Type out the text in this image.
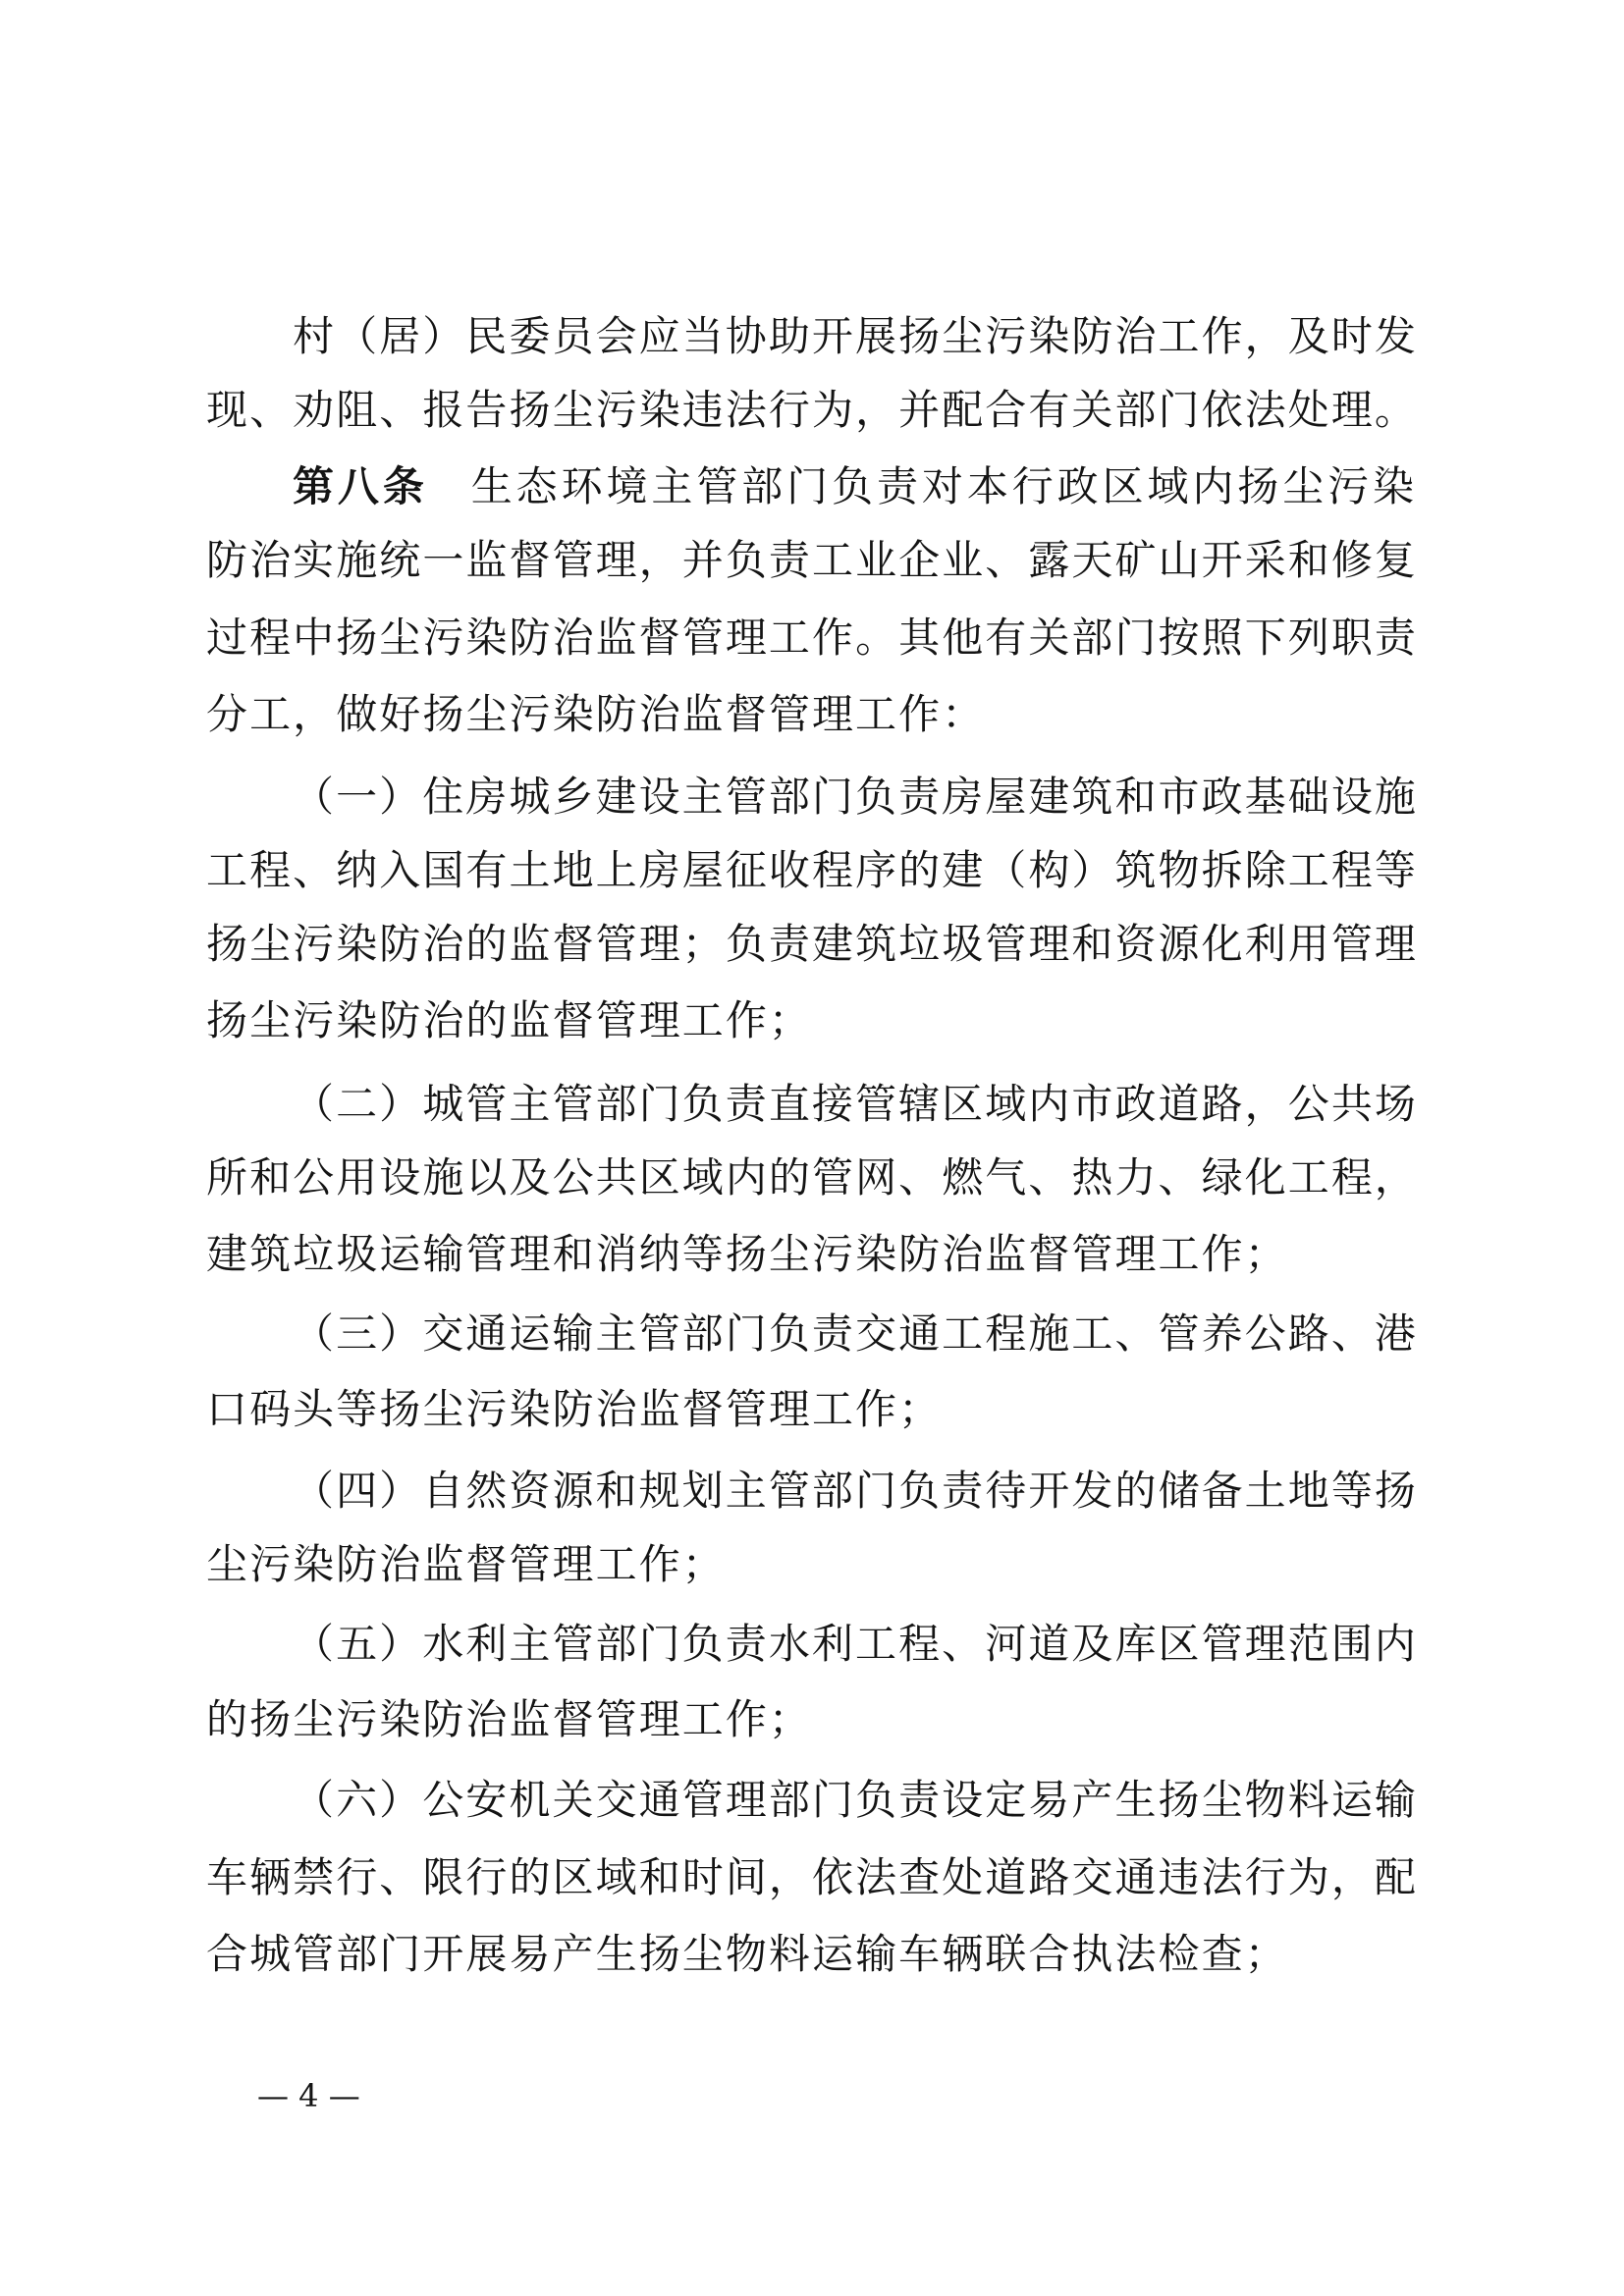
村（居）民委员会应当协助开展扬尘污染防治工作，及时发
现、劝阻、报告扬尘污染违法行为，并配合有关部门依法处理。
第八条 生态环境主管部门负责对本行政区域内扬尘污染
防治实施统一监督管理，并负责工业企业、露天矿山开采和修复
过程中扬尘污染防治监督管理工作。其他有关部门按照下列职责
分工，做好扬尘污染防治监督管理工作：
（一）住房城乡建设主管部门负责房屋建筑和市政基础设施
工程、纳入国有土地上房屋征收程序的建（构）筑物拆除工程等
扬尘污染防治的监督管理；负责建筑垃圾管理和资源化利用管理
扬尘污染防治的监督管理工作；
（二）城管主管部门负责直接管辖区域内市政道路，公共场
所和公用设施以及公共区域内的管网、燃气、热力、绿化工程，
建筑垃圾运输管理和消纳等扬尘污染防治监督管理工作；
（三）交通运输主管部门负责交通工程施工、管养公路、港
口码头等扬尘污染防治监督管理工作；
（四）自然资源和规划主管部门负责待开发的储备土地等扬
尘污染防治监督管理工作；
（五）水利主管部门负责水利工程、河道及库区管理范围内
的扬尘污染防治监督管理工作；
（六）公安机关交通管理部门负责设定易产生扬尘物料运输
车辆禁行、限行的区域和时间，依法查处道路交通违法行为，配
合城管部门开展易产生扬尘物料运输车辆联合执法检查；
— 4 —
